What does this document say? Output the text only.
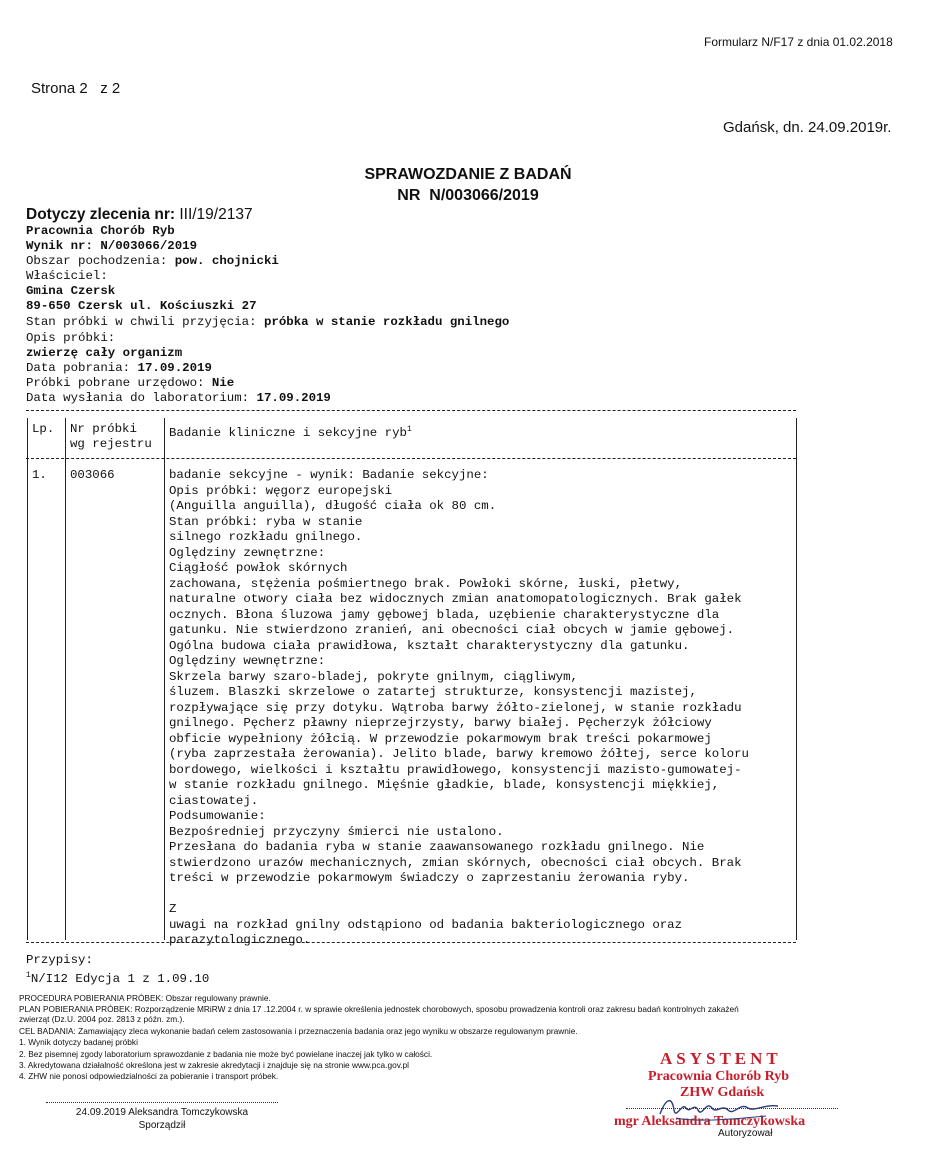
Formularz N/F17 z dnia 01.02.2018
Strona 2   z 2
Gdańsk, dn. 24.09.2019r.
SPRAWOZDANIE Z BADAŃ
NR  N/003066/2019
Dotyczy zlecenia nr: III/19/2137
Pracownia Chorób Ryb
Wynik nr: N/003066/2019
Obszar pochodzenia: pow. chojnicki
Właściciel:
Gmina Czersk
89-650 Czersk ul. Kościuszki 27
Stan próbki w chwili przyjęcia: próbka w stanie rozkładu gnilnego
Opis próbki:
zwierzę cały organizm
Data pobrania: 17.09.2019
Próbki pobrane urzędowo: Nie
Data wysłania do laboratorium: 17.09.2019
Lp. Nr próbki
wg rejestru
Badanie kliniczne i sekcyjne ryb$^1$
1. 003066	badanie sekcyjne - wynik: Badanie sekcyjne:
Opis próbki: węgorz europejski
(Anguilla anguilla), długość ciała ok 80 cm.
Stan próbki: ryba w stanie
silnego rozkładu gnilnego.
Oględziny zewnętrzne:
Ciągłość powłok skórnych
zachowana, stężenia pośmiertnego brak. Powłoki skórne, łuski, płetwy,
naturalne otwory ciała bez widocznych zmian anatomopatologicznych. Brak gałek
ocznych. Błona śluzowa jamy gębowej blada, uzębienie charakterystyczne dla
gatunku. Nie stwierdzono zranień, ani obecności ciał obcych w jamie gębowej.
Ogólna budowa ciała prawidłowa, kształt charakterystyczny dla gatunku.
Oględziny wewnętrzne:
Skrzela barwy szaro-bladej, pokryte gnilnym, ciągliwym,
śluzem. Blaszki skrzelowe o zatartej strukturze, konsystencji mazistej,
rozpływające się przy dotyku. Wątroba barwy żółto-zielonej, w stanie rozkładu
gnilnego. Pęcherz pławny nieprzejrzysty, barwy białej. Pęcherzyk żółciowy
obficie wypełniony żółcią. W przewodzie pokarmowym brak treści pokarmowej
(ryba zaprzestała żerowania). Jelito blade, barwy kremowo żółtej, serce koloru
bordowego, wielkości i kształtu prawidłowego, konsystencji mazisto-gumowatej-
w stanie rozkładu gnilnego. Mięśnie gładkie, blade, konsystencji miękkiej,
ciastowatej.
Podsumowanie:
Bezpośredniej przyczyny śmierci nie ustalono.
Przesłana do badania ryba w stanie zaawansowanego rozkładu gnilnego. Nie
stwierdzono urazów mechanicznych, zmian skórnych, obecności ciał obcych. Brak
treści w przewodzie pokarmowym świadczy o zaprzestaniu żerowania ryby.
Z
uwagi na rozkład gnilny odstąpiono od badania bakteriologicznego oraz
parazytologicznego.
Przypisy:
$^1$N/I12 Edycja 1 z 1.09.10
PROCEDURA POBIERANIA PRÓBEK: Obszar regulowany prawnie.
PLAN POBIERANIA PRÓBEK: Rozporządzenie MRiRW z dnia 17 .12.2004 r. w sprawie określenia jednostek chorobowych, sposobu prowadzenia kontroli oraz zakresu badań kontrolnych zakażeń
zwierząt (Dz.U. 2004 poz. 2813 z późn. zm.).
CEL BADANIA: Zamawiający zleca wykonanie badań celem zastosowania i przeznaczenia badania oraz jego wyniku w obszarze regulowanym prawnie.
1. Wynik dotyczy badanej próbki
2. Bez pisemnej zgody laboratorium sprawozdanie z badania nie może być powielane inaczej jak tylko w całości.
3. Akredytowana działalność określona jest w zakresie akredytacji i znajduje się na stronie www.pca.gov.pl
4. ZHW nie ponosi odpowiedzialności za pobieranie i transport próbek.
24.09.2019 Aleksandra Tomczykowska
Sporządził
ASYSTENT
Pracownia Chorób Ryb
ZHW Gdańsk
mgr Aleksandra Tomczykowska
Autoryzował
